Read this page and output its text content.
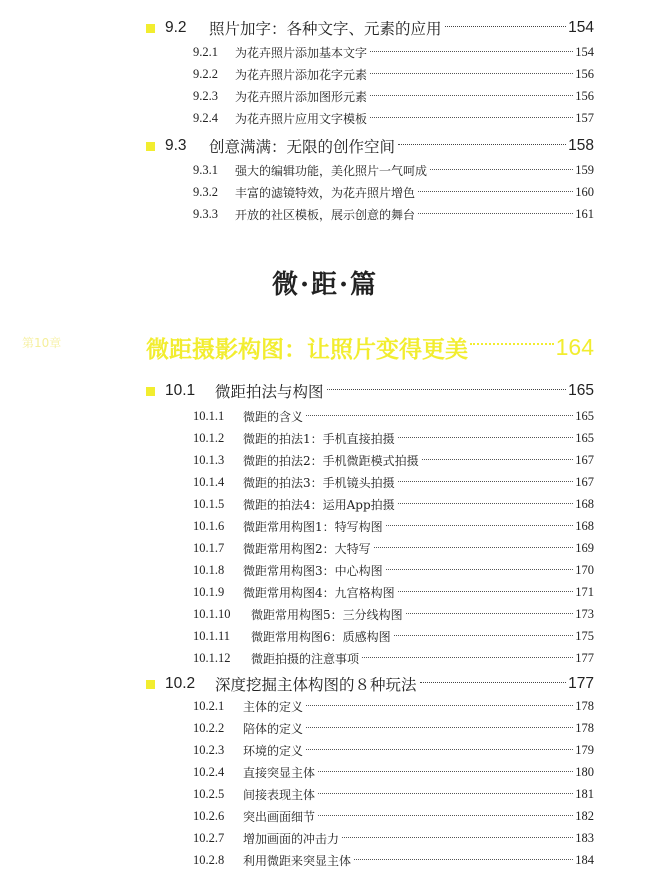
9.2	照片加字：各种文字、元素的应用	154
9.2.1	为花卉照片添加基本文字	154
9.2.2	为花卉照片添加花字元素	156
9.2.3	为花卉照片添加图形元素	156
9.2.4	为花卉照片应用文字模板	157
9.3	创意满满：无限的创作空间	158
9.3.1	强大的编辑功能，美化照片一气呵成	159
9.3.2	丰富的滤镜特效，为花卉照片增色	160
9.3.3	开放的社区模板，展示创意的舞台	161
微·距·篇
第10章	微距摄影构图：让照片变得更美	164
10.1	微距拍法与构图	165
10.1.1	微距的含义	165
10.1.2	微距的拍法1：手机直接拍摄	165
10.1.3	微距的拍法2：手机微距模式拍摄	167
10.1.4	微距的拍法3：手机镜头拍摄	167
10.1.5	微距的拍法4：运用App拍摄	168
10.1.6	微距常用构图1：特写构图	168
10.1.7	微距常用构图2：大特写	169
10.1.8	微距常用构图3：中心构图	170
10.1.9	微距常用构图4：九宫格构图	171
10.1.10	微距常用构图5：三分线构图	173
10.1.11	微距常用构图6：质感构图	175
10.1.12	微距拍摄的注意事项	177
10.2	深度挖掘主体构图的８种玩法	177
10.2.1	主体的定义	178
10.2.2	陪体的定义	178
10.2.3	环境的定义	179
10.2.4	直接突显主体	180
10.2.5	间接表现主体	181
10.2.6	突出画面细节	182
10.2.7	增加画面的冲击力	183
10.2.8	利用微距来突显主体	184
